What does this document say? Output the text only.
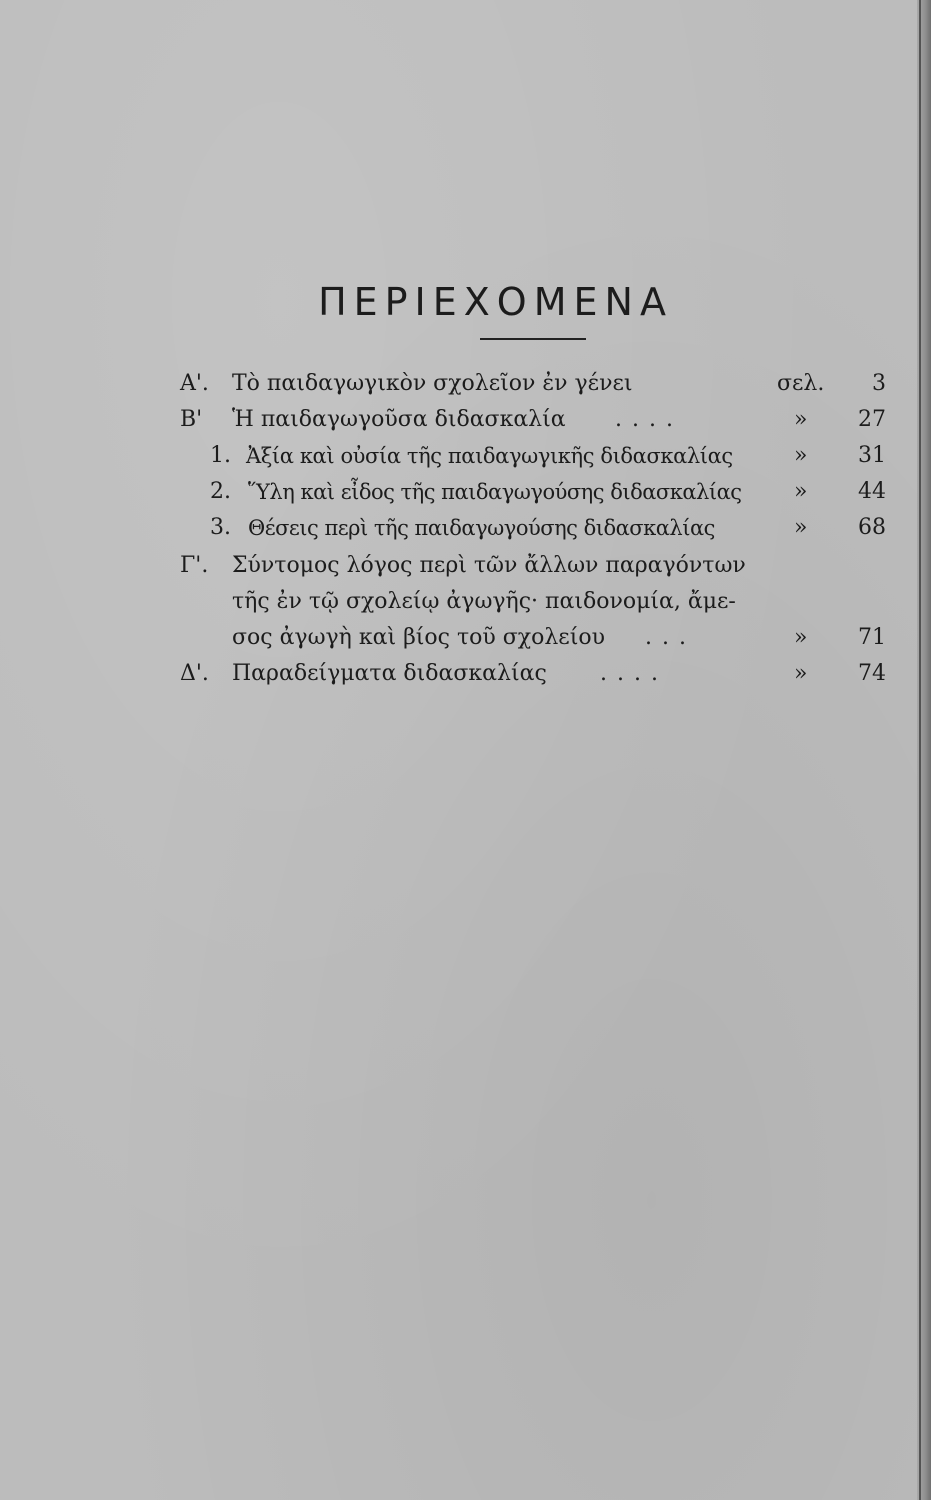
ΠΕΡΙΕΧΟΜΕΝΑ
Α'. Τὸ παιδαγωγικὸν σχολεῖον ἐν γένει	σελ.	3
Β' Ἡ παιδαγωγοῦσα διδασκαλία ....	»	27
1. Ἀξία καὶ οὐσία τῆς παιδαγωγικῆς διδασκαλίας	»	31
2. Ὕλη καὶ εἶδος τῆς παιδαγωγούσης διδασκαλίας »	44
3. Θέσεις περὶ τῆς παιδαγωγούσης διδασκαλίας	»	68
Γ'. Σύντομος λόγος περὶ τῶν ἄλλων παραγόντων
τῆς ἐν τῷ σχολείῳ ἀγωγῆς· παιδονομία, ἄμε-
σος ἀγωγὴ καὶ βίος τοῦ σχολείου ...	»	71
Δ'. Παραδείγματα διδασκαλίας ....	»	74
